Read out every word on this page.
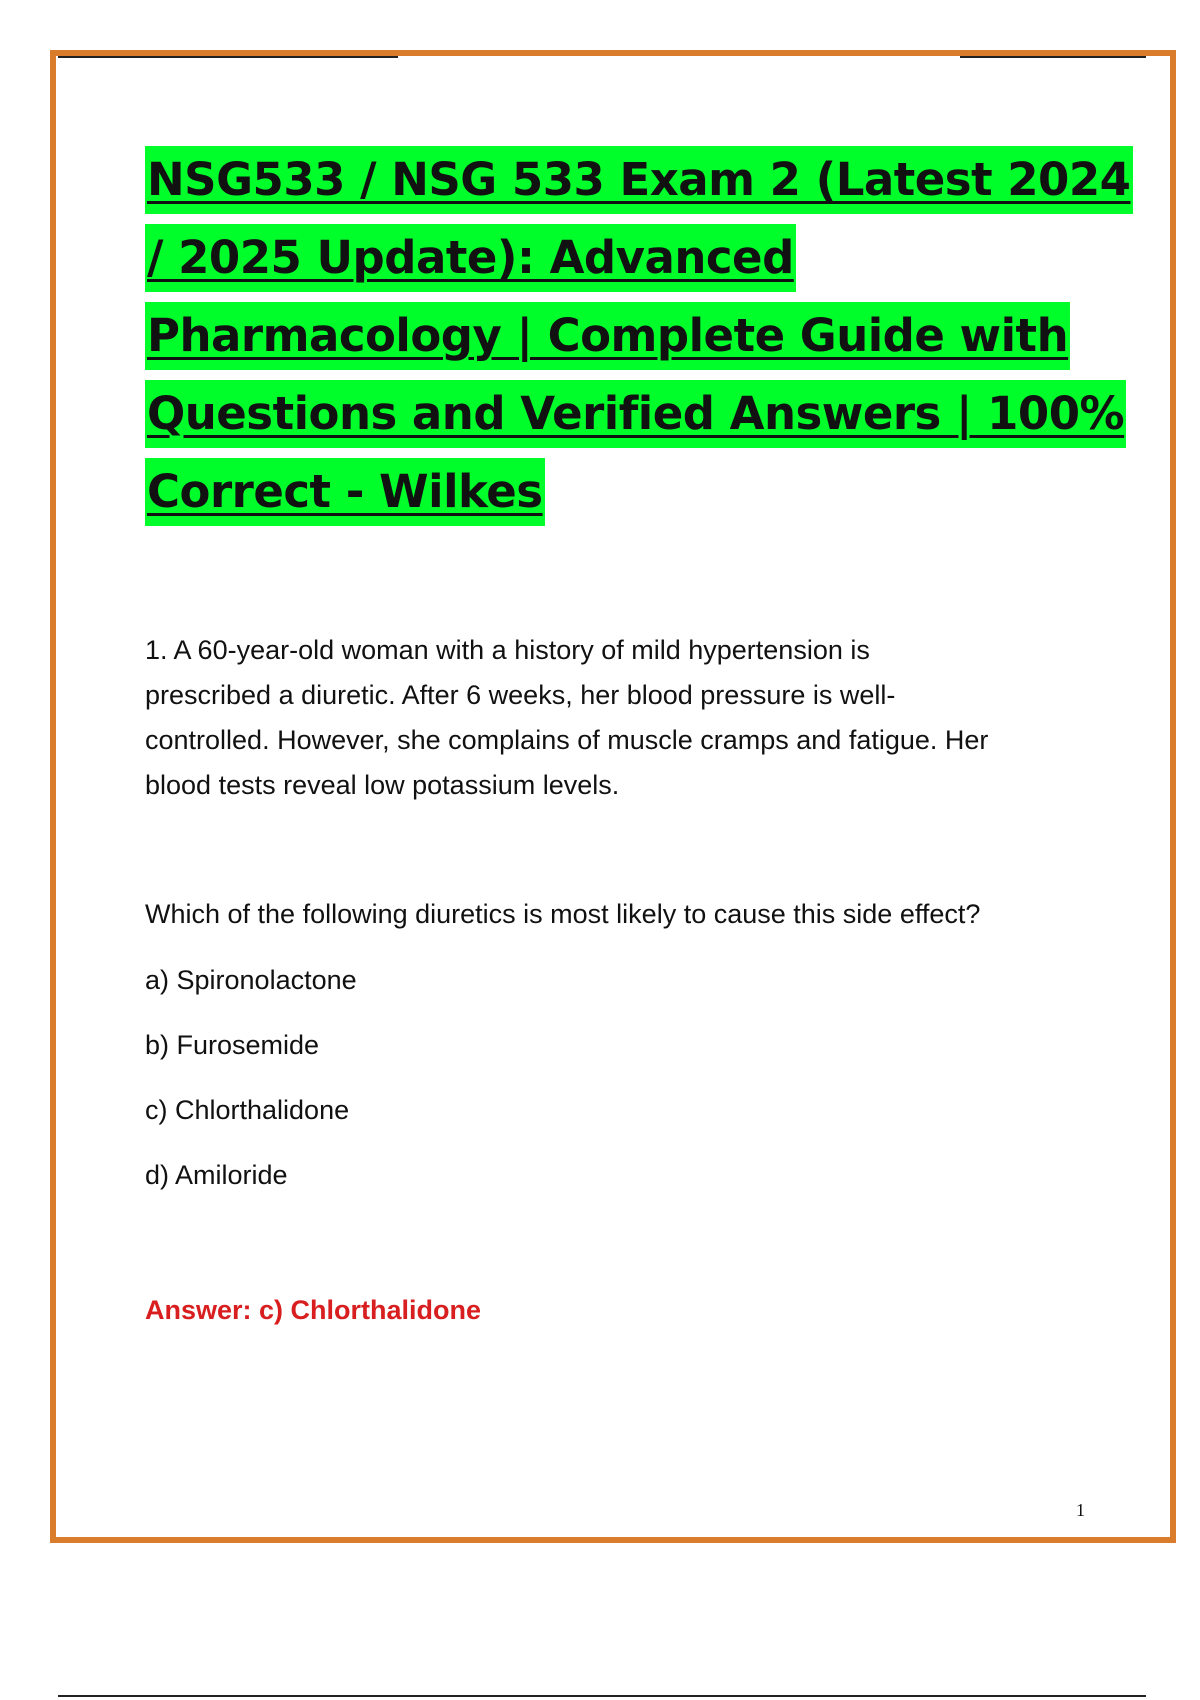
NSG533 / NSG 533 Exam 2 (Latest 2024
/ 2025 Update): Advanced
Pharmacology | Complete Guide with
Questions and Verified Answers | 100%
Correct - Wilkes
1. A 60-year-old woman with a history of mild hypertension is
prescribed a diuretic. After 6 weeks, her blood pressure is well-
controlled. However, she complains of muscle cramps and fatigue. Her
blood tests reveal low potassium levels.

Which of the following diuretics is most likely to cause this side effect?

a) Spironolactone
b) Furosemide
c) Chlorthalidone
d) Amiloride

Answer: c) Chlorthalidone

1
